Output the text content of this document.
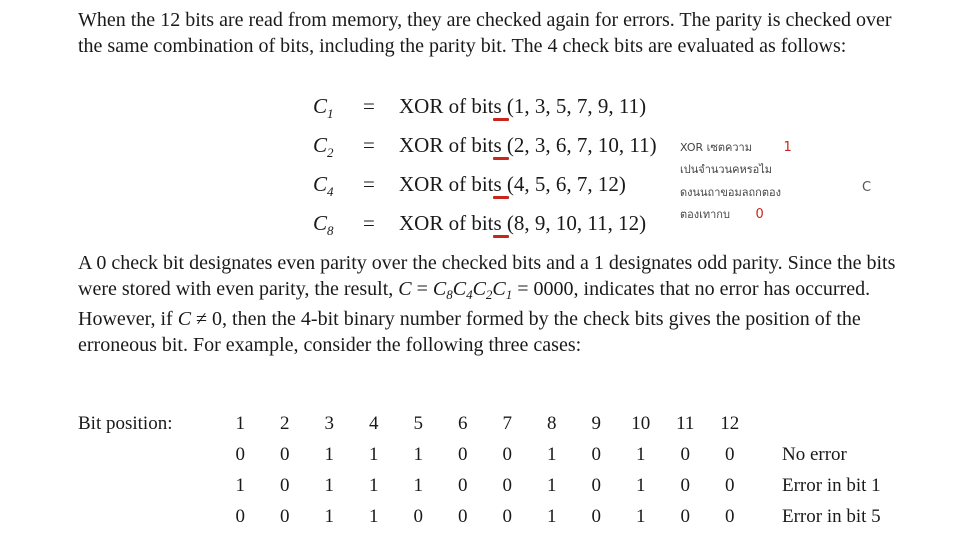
When the 12 bits are read from memory, they are checked again for errors. The parity is checked over the same combination of bits, including the parity bit. The 4 check bits are evaluated as follows:
$C_1$ = XOR of bits (1, 3, 5, 7, 9, 11)
$C_2$ = XOR of bits (2, 3, 6, 7, 10, 11)
$C_4$ = XOR of bits (4, 5, 6, 7, 12)
$C_8$ = XOR of bits (8, 9, 10, 11, 12)
XOR เซตความ 1
เปนจำนวนคหรอไม
ดงนนถาขอมลถกตอง	C
ตองเทากบ 0
A 0 check bit designates even parity over the checked bits and a 1 designates odd parity. Since the bits were stored with even parity, the result, $C = C_8C_4C_2C_1 = 0000$, indicates that no error has occurred. However, if C ≠ 0, then the 4-bit binary number formed by the check bits gives the position of the erroneous bit. For example, consider the following three cases:
Bit position:	1	2	3	4	5	6	7	8	9	10	11	12	
	0	0	1	1	1	0	0	1	0	1	0	0	No error
	1	0	1	1	1	0	0	1	0	1	0	0	Error in bit 1
	0	0	1	1	0	0	0	1	0	1	0	0	Error in bit 5
